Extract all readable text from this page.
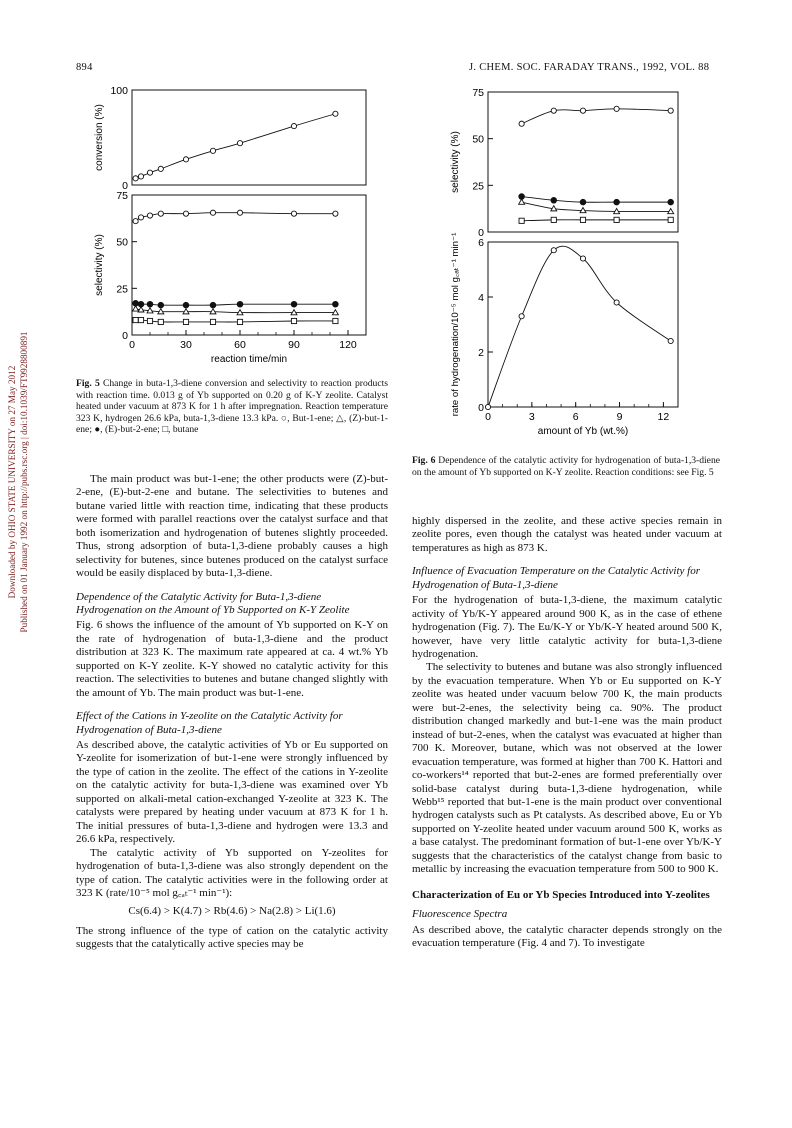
894	J. CHEM. SOC. FARADAY TRANS., 1992, VOL. 88
Downloaded by OHIO STATE UNIVERSITY on 27 May 2012 Published on 01 January 1992 on http://pubs.rsc.org | doi:10.1039/FT9928800891
0
100
conversion (%)
0
25
50
75
0	30	60	90	120
reaction time/min
selectivity (%)
Fig. 5 Change in buta-1,3-diene conversion and selectivity to reaction products with reaction time. 0.013 g of Yb supported on 0.20 g of K-Y zeolite. Catalyst heated under vacuum at 873 K for 1 h after impregnation. Reaction temperature 323 K, hydrogen 26.6 kPa, buta-1,3-diene 13.3 kPa. ○, But-1-ene; △, (Z)-but-1-ene; ●, (E)-but-2-ene; □, butane
0
25
50
75
selectivity (%)
0
2
4
6
0	3	6	9	12
amount of Yb (wt.%)
rate of hydrogenation/10⁻⁵ mol g꜀ₐₜ⁻¹ min⁻¹
Fig. 6 Dependence of the catalytic activity for hydrogenation of buta-1,3-diene on the amount of Yb supported on K-Y zeolite. Reaction conditions: see Fig. 5

The main product was but-1-ene; the other products were (Z)-but-2-ene, (E)-but-2-ene and butane. The selectivities to butenes and butane varied little with reaction time, indicating that these products were formed with parallel reactions over the catalyst surface and that both isomerization and hydrogenation of butenes slightly proceeded. Thus, strong adsorption of buta-1,3-diene probably causes a high selectivity for butenes, since butenes produced on the catalyst surface would be easily displaced by buta-1,3-diene.

Dependence of the Catalytic Activity for Buta-1,3-diene Hydrogenation on the Amount of Yb Supported on K-Y Zeolite

Fig. 6 shows the influence of the amount of Yb supported on K-Y on the rate of hydrogenation of buta-1,3-diene and the product distribution at 323 K. The maximum rate appeared at ca. 4 wt.% Yb supported on K-Y zeolite. K-Y showed no catalytic activity for this reaction. The selectivities to butenes and butane changed slightly with the amount of Yb. The main product was but-1-ene.

Effect of the Cations in Y-zeolite on the Catalytic Activity for Hydrogenation of Buta-1,3-diene

As described above, the catalytic activities of Yb or Eu supported on Y-zeolite for isomerization of but-1-ene were strongly influenced by the type of cation in the zeolite. The effect of the cations in Y-zeolite on the catalytic activity for buta-1,3-diene was examined over Yb supported on alkali-metal cation-exchanged Y-zeolite at 323 K. The catalysts were prepared by heating under vacuum at 873 K for 1 h. The initial pressures of buta-1,3-diene and hydrogen were 13.3 and 26.6 kPa, respectively.

The catalytic activity of Yb supported on Y-zeolites for hydrogenation of buta-1,3-diene was also strongly dependent on the type of cation. The catalytic activities were in the following order at 323 K (rate/10⁻⁵ mol g꜀ₐₜ⁻¹ min⁻¹):

Cs(6.4) > K(4.7) > Rb(4.6) > Na(2.8) > Li(1.6)

The strong influence of the type of cation on the catalytic activity suggests that the catalytically active species may be

highly dispersed in the zeolite, and these active species remain in zeolite pores, even though the catalyst was heated under vacuum at temperatures as high as 873 K.

Influence of Evacuation Temperature on the Catalytic Activity for Hydrogenation of Buta-1,3-diene

For the hydrogenation of buta-1,3-diene, the maximum catalytic activity of Yb/K-Y appeared around 900 K, as in the case of ethene hydrogenation (Fig. 7). The Eu/K-Y or Yb/K-Y heated around 500 K, however, have very little catalytic activity for buta-1,3-diene hydrogenation.

The selectivity to butenes and butane was also strongly influenced by the evacuation temperature. When Yb or Eu supported on K-Y zeolite was heated under vacuum below 700 K, the main products were but-2-enes, the selectivity being ca. 90%. The product distribution changed markedly and but-1-ene was the main product instead of but-2-enes, when the catalyst was evacuated at higher than 700 K. Moreover, butane, which was not observed at the lower evacuation temperature, was formed at higher than 700 K. Hattori and co-workers¹⁴ reported that but-2-enes are formed preferentially over solid-base catalyst during buta-1,3-diene hydrogenation, while Webb¹⁵ reported that but-1-ene is the main product over conventional hydrogen catalysts such as Pt catalysts. As described above, Eu or Yb supported on Y-zeolite heated under vacuum around 500 K, works as a base catalyst. The predominant formation of but-1-ene over Yb/K-Y suggests that the characteristics of the catalyst change from basic to metallic by increasing the evacuation temperature from 500 to 900 K.

Characterization of Eu or Yb Species Introduced into Y-zeolites
Fluorescence Spectra

As described above, the catalytic character depends strongly on the evacuation temperature (Fig. 4 and 7). To investigate
